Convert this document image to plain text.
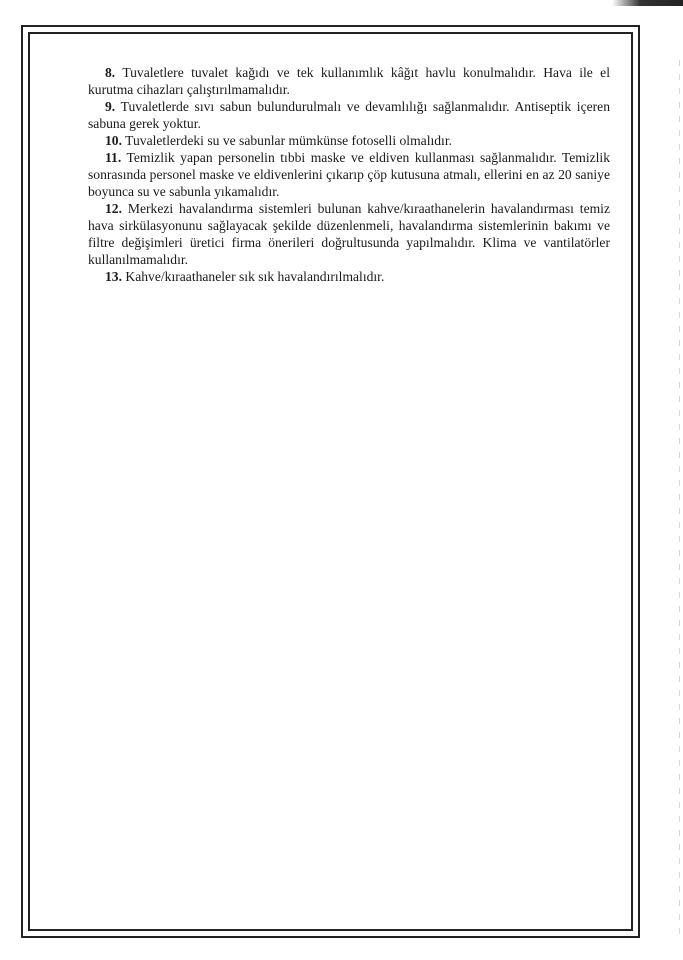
8. Tuvaletlere tuvalet kağıdı ve tek kullanımlık kâğıt havlu konulmalıdır. Hava ile el kurutma cihazları çalıştırılmamalıdır.

9. Tuvaletlerde sıvı sabun bulundurulmalı ve devamlılığı sağlanmalıdır. Antiseptik içeren sabuna gerek yoktur.

10. Tuvaletlerdeki su ve sabunlar mümkünse fotoselli olmalıdır.

11. Temizlik yapan personelin tıbbi maske ve eldiven kullanması sağlanmalıdır. Temizlik sonrasında personel maske ve eldivenlerini çıkarıp çöp kutusuna atmalı, ellerini en az 20 saniye boyunca su ve sabunla yıkamalıdır.

12. Merkezi havalandırma sistemleri bulunan kahve/kıraathanelerin havalandırması temiz hava sirkülasyonunu sağlayacak şekilde düzenlenmeli, havalandırma sistemlerinin bakımı ve filtre değişimleri üretici firma önerileri doğrultusunda yapılmalıdır. Klima ve vantilatörler kullanılmamalıdır.

13. Kahve/kıraathaneler sık sık havalandırılmalıdır.
